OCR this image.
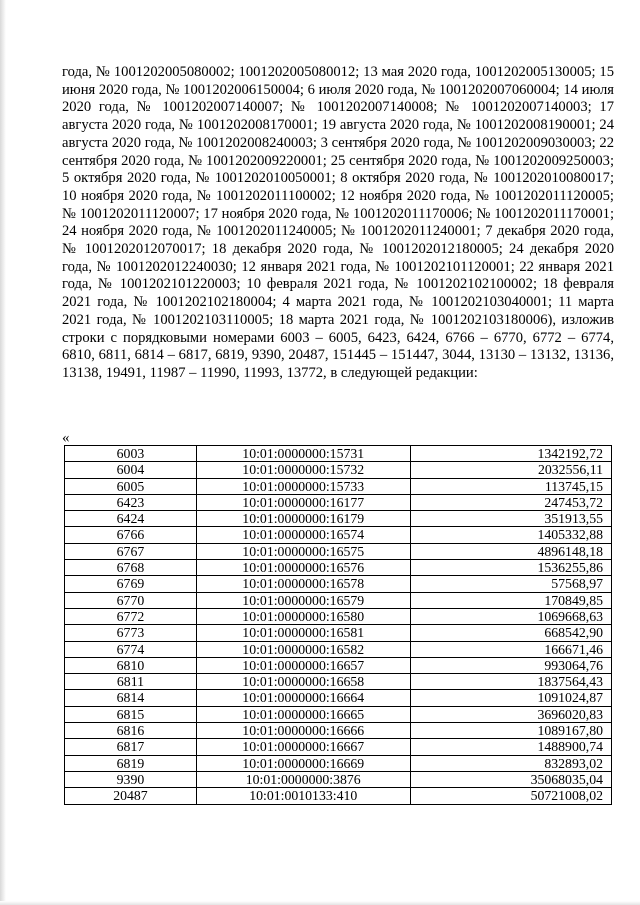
года, № 1001202005080002; 1001202005080012; 13 мая 2020 года, 1001202005130005; 15 июня 2020 года, № 1001202006150004; 6 июля 2020 года, № 1001202007060004; 14 июля 2020 года, № 1001202007140007; № 1001202007140008; № 1001202007140003; 17 августа 2020 года, № 1001202008170001; 19 августа 2020 года, № 1001202008190001; 24 августа 2020 года, № 1001202008240003; 3 сентября 2020 года, № 1001202009030003; 22 сентября 2020 года, № 1001202009220001; 25 сентября 2020 года, № 1001202009250003; 5 октября 2020 года, № 1001202010050001; 8 октября 2020 года, № 1001202010080017; 10 ноября 2020 года, № 1001202011100002; 12 ноября 2020 года, № 1001202011120005; № 1001202011120007; 17 ноября 2020 года, № 1001202011170006; № 1001202011170001; 24 ноября 2020 года, № 1001202011240005; № 1001202011240001; 7 декабря 2020 года, № 1001202012070017; 18 декабря 2020 года, № 1001202012180005; 24 декабря 2020 года, № 1001202012240030; 12 января 2021 года, № 1001202101120001; 22 января 2021 года, № 1001202101220003; 10 февраля 2021 года, № 1001202102100002; 18 февраля 2021 года, № 1001202102180004; 4 марта 2021 года, № 1001202103040001; 11 марта 2021 года, № 1001202103110005; 18 марта 2021 года, № 1001202103180006), изложив строки с порядковыми номерами 6003 – 6005, 6423, 6424, 6766 – 6770, 6772 – 6774, 6810, 6811, 6814 – 6817, 6819, 9390, 20487, 151445 – 151447, 3044, 13130 – 13132, 13136, 13138, 19491, 11987 – 11990, 11993, 13772, в следующей редакции:

«
6003	10:01:0000000:15731	1342192,72
6004	10:01:0000000:15732	2032556,11
6005	10:01:0000000:15733	113745,15
6423	10:01:0000000:16177	247453,72
6424	10:01:0000000:16179	351913,55
6766	10:01:0000000:16574	1405332,88
6767	10:01:0000000:16575	4896148,18
6768	10:01:0000000:16576	1536255,86
6769	10:01:0000000:16578	57568,97
6770	10:01:0000000:16579	170849,85
6772	10:01:0000000:16580	1069668,63
6773	10:01:0000000:16581	668542,90
6774	10:01:0000000:16582	166671,46
6810	10:01:0000000:16657	993064,76
6811	10:01:0000000:16658	1837564,43
6814	10:01:0000000:16664	1091024,87
6815	10:01:0000000:16665	3696020,83
6816	10:01:0000000:16666	1089167,80
6817	10:01:0000000:16667	1488900,74
6819	10:01:0000000:16669	832893,02
9390	10:01:0000000:3876	35068035,04
20487	10:01:0010133:410	50721008,02
